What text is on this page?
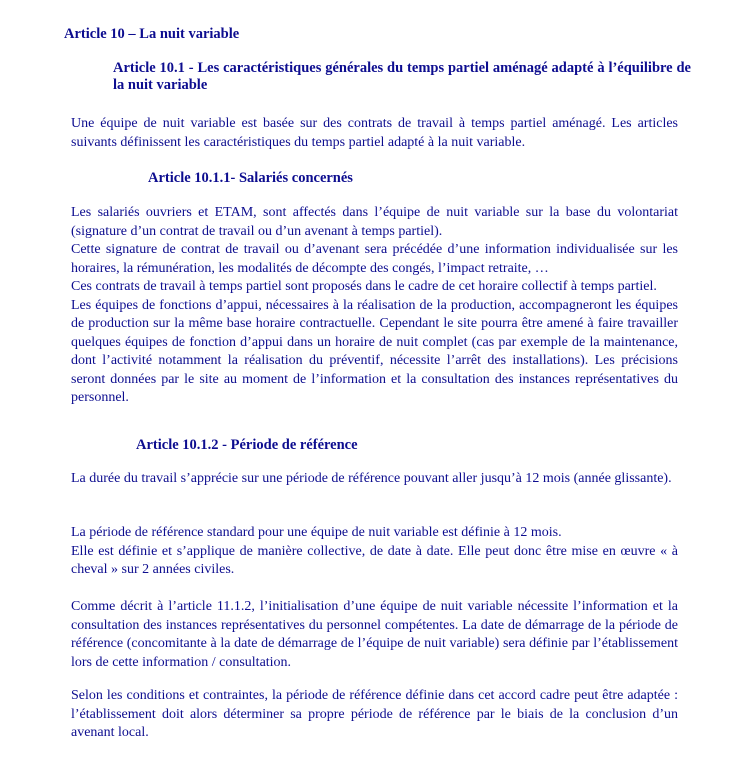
Article 10 – La nuit variable
Article 10.1 - Les caractéristiques générales du temps partiel aménagé adapté à l’équilibre de la nuit variable

Une équipe de nuit variable est basée sur des contrats de travail à temps partiel aménagé. Les articles suivants définissent les caractéristiques du temps partiel adapté à la nuit variable.

Article 10.1.1- Salariés concernés

Les salariés ouvriers et ETAM, sont affectés dans l’équipe de nuit variable sur la base du volontariat (signature d’un contrat de travail ou d’un avenant à temps partiel).
Cette signature de contrat de travail ou d’avenant sera précédée d’une information individualisée sur les horaires, la rémunération, les modalités de décompte des congés, l’impact retraite, …
Ces contrats de travail à temps partiel sont proposés dans le cadre de cet horaire collectif à temps partiel.
Les équipes de fonctions d’appui, nécessaires à la réalisation de la production, accompagneront les équipes de production sur la même base horaire contractuelle. Cependant le site pourra être amené à faire travailler quelques équipes de fonction d’appui dans un horaire de nuit complet (cas par exemple de la maintenance, dont l’activité notamment la réalisation du préventif, nécessite l’arrêt des installations). Les précisions seront données par le site au moment de l’information et la consultation des instances représentatives du personnel.

Article 10.1.2 - Période de référence

La durée du travail s’apprécie sur une période de référence pouvant aller jusqu’à 12 mois (année glissante).

La période de référence standard pour une équipe de nuit variable est définie à 12 mois.
Elle est définie et s’applique de manière collective, de date à date. Elle peut donc être mise en œuvre « à cheval » sur 2 années civiles.

Comme décrit à l’article 11.1.2, l’initialisation d’une équipe de nuit variable nécessite l’information et la consultation des instances représentatives du personnel compétentes. La date de démarrage de la période de référence (concomitante à la date de démarrage de l’équipe de nuit variable) sera définie par l’établissement lors de cette information / consultation.

Selon les conditions et contraintes, la période de référence définie dans cet accord cadre peut être adaptée : l’établissement doit alors déterminer sa propre période de référence par le biais de la conclusion d’un avenant local.
